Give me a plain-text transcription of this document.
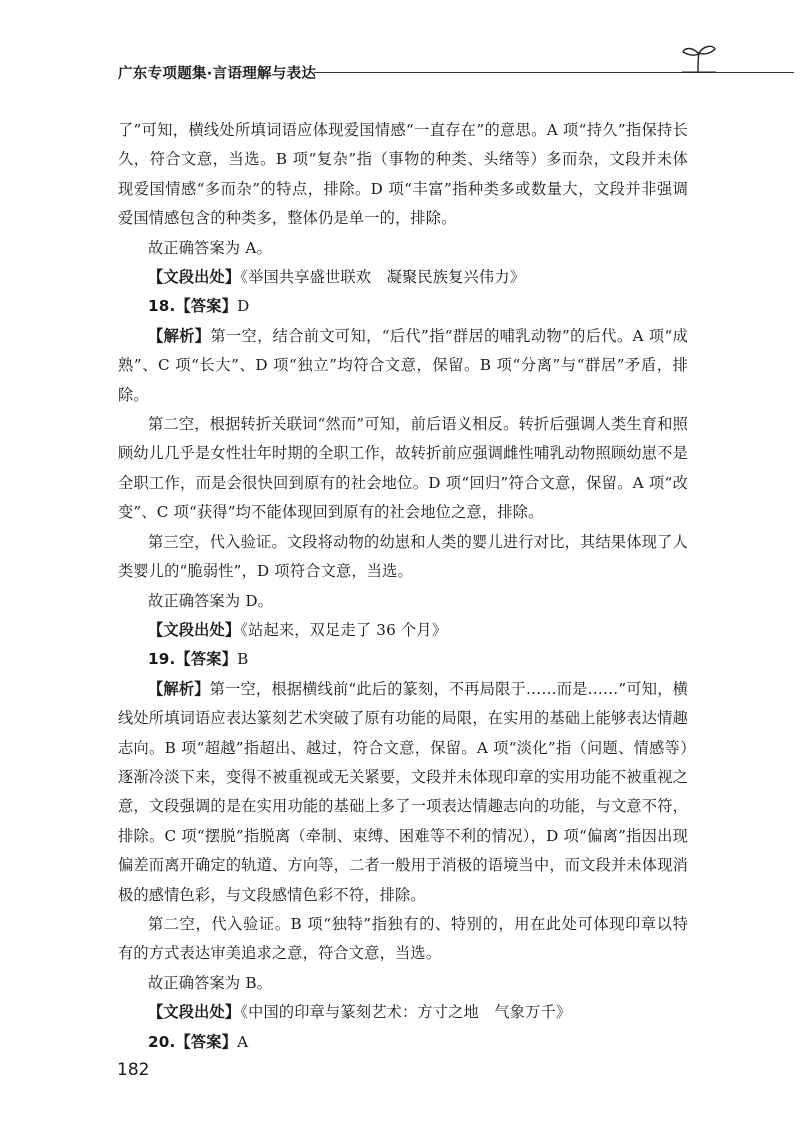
广东专项题集·言语理解与表达

了”可知，横线处所填词语应体现爱国情感“一直存在”的意思。A 项“持久”指保持长久，符合文意，当选。B 项“复杂”指（事物的种类、头绪等）多而杂，文段并未体现爱国情感“多而杂”的特点，排除。D 项“丰富”指种类多或数量大，文段并非强调爱国情感包含的种类多，整体仍是单一的，排除。

故正确答案为 A。

【文段出处】《举国共享盛世联欢　凝聚民族复兴伟力》

18.【答案】D

【解析】第一空，结合前文可知，“后代”指“群居的哺乳动物”的后代。A 项“成熟”、C 项“长大”、D 项“独立”均符合文意，保留。B 项“分离”与“群居”矛盾，排除。

第二空，根据转折关联词“然而”可知，前后语义相反。转折后强调人类生育和照顾幼儿几乎是女性壮年时期的全职工作，故转折前应强调雌性哺乳动物照顾幼崽不是全职工作，而是会很快回到原有的社会地位。D 项“回归”符合文意，保留。A 项“改变”、C 项“获得”均不能体现回到原有的社会地位之意，排除。

第三空，代入验证。文段将动物的幼崽和人类的婴儿进行对比，其结果体现了人类婴儿的“脆弱性”，D 项符合文意，当选。

故正确答案为 D。

【文段出处】《站起来，双足走了 36 个月》

19.【答案】B

【解析】第一空，根据横线前“此后的篆刻，不再局限于……而是……”可知，横线处所填词语应表达篆刻艺术突破了原有功能的局限，在实用的基础上能够表达情趣志向。B 项“超越”指超出、越过，符合文意，保留。A 项“淡化”指（问题、情感等）逐渐冷淡下来，变得不被重视或无关紧要，文段并未体现印章的实用功能不被重视之意，文段强调的是在实用功能的基础上多了一项表达情趣志向的功能，与文意不符，排除。C 项“摆脱”指脱离（牵制、束缚、困难等不利的情况），D 项“偏离”指因出现偏差而离开确定的轨道、方向等，二者一般用于消极的语境当中，而文段并未体现消极的感情色彩，与文段感情色彩不符，排除。

第二空，代入验证。B 项“独特”指独有的、特别的，用在此处可体现印章以特有的方式表达审美追求之意，符合文意，当选。

故正确答案为 B。

【文段出处】《中国的印章与篆刻艺术：方寸之地　气象万千》

20.【答案】A

182
